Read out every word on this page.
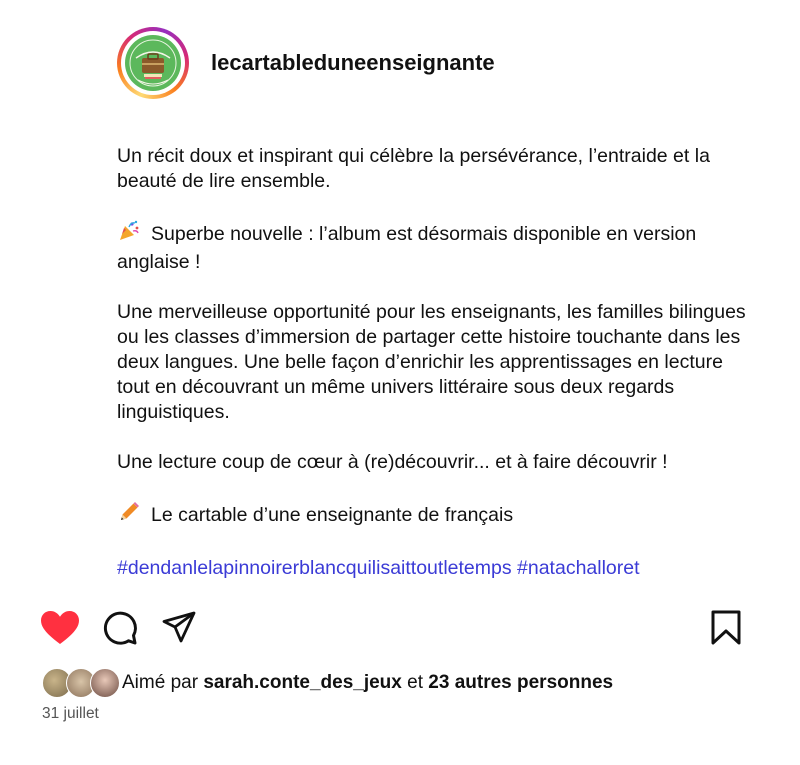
lecartableduneenseignante

Un récit doux et inspirant qui célèbre la persévérance, l’entraide et la beauté de lire ensemble.

Superbe nouvelle : l’album est désormais disponible en version anglaise !

Une merveilleuse opportunité pour les enseignants, les familles bilingues ou les classes d’immersion de partager cette histoire touchante dans les deux langues. Une belle façon d’enrichir les apprentissages en lecture tout en découvrant un même univers littéraire sous deux regards linguistiques.

Une lecture coup de cœur à (re)découvrir... et à faire découvrir !

Le cartable d’une enseignante de français

#dendanlelapinnoirerblancquilisaittoutletemps #natachalloret

Aimé par sarah.conte_des_jeux et 23 autres personnes
31 juillet
